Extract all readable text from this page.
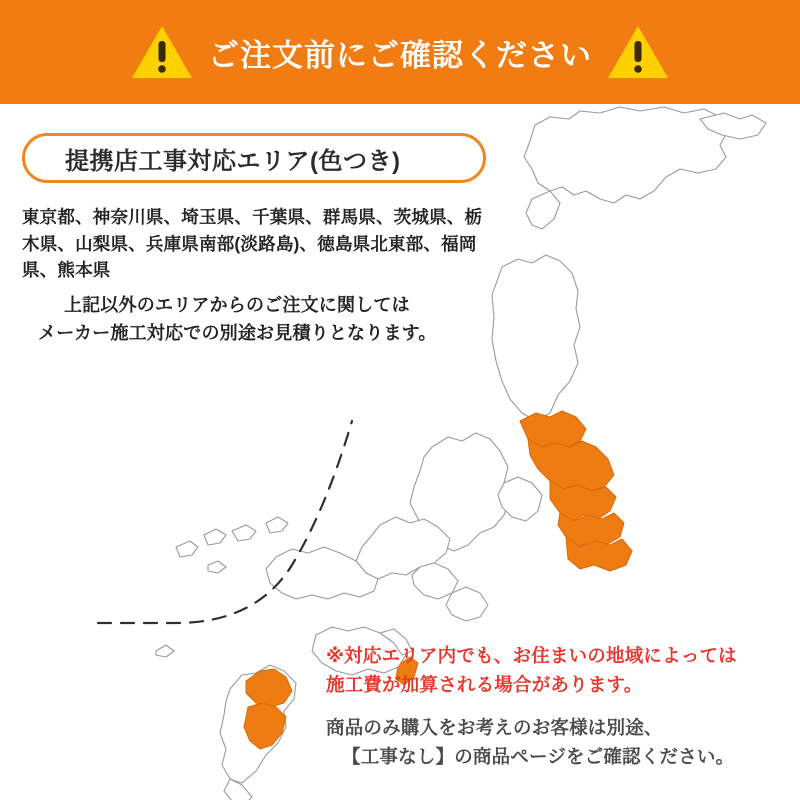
ご注文前にご確認ください
提携店工事対応エリア(色つき)
東京都、神奈川県、埼玉県、千葉県、群馬県、茨城県、栃木県、山梨県、兵庫県南部(淡路島)、徳島県北東部、福岡県、熊本県
上記以外のエリアからのご注文に関しては
メーカー施工対応での別途お見積りとなります。
※対応エリア内でも、お住まいの地域によっては
施工費が加算される場合があります。
商品のみ購入をお考えのお客様は別途、
【工事なし】の商品ページをご確認ください。
